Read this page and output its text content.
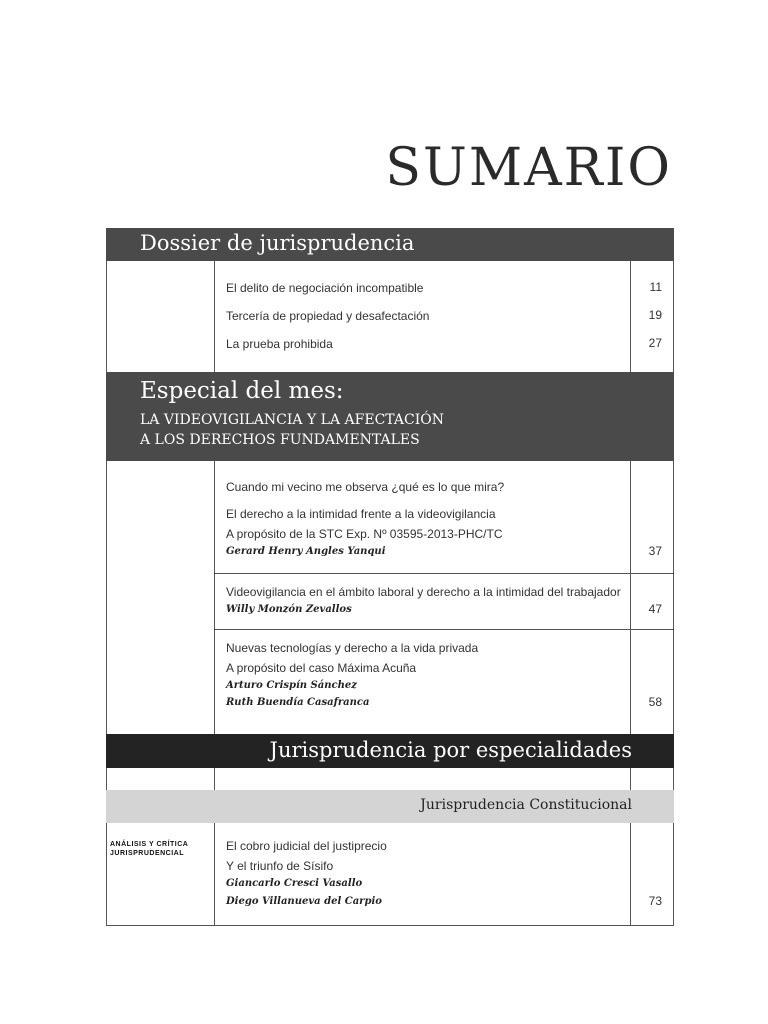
SUMARIO
Dossier de jurisprudencia
El delito de negociación incompatible	11
Tercería de propiedad y desafectación	19
La prueba prohibida	27
Especial del mes:
LA VIDEOVIGILANCIA Y LA AFECTACIÓN
A LOS DERECHOS FUNDAMENTALES
Cuando mi vecino me observa ¿qué es lo que mira?
El derecho a la intimidad frente a la videovigilancia
A propósito de la STC Exp. Nº 03595-2013-PHC/TC
Gerard Henry Angles Yanqui	37
Videovigilancia en el ámbito laboral y derecho a la intimidad del trabajador
Willy Monzón Zevallos	47
Nuevas tecnologías y derecho a la vida privada
A propósito del caso Máxima Acuña
Arturo Crispín Sánchez
Ruth Buendía Casafranca	58
Jurisprudencia por especialidades
Jurisprudencia Constitucional
ANÁLISIS Y CRÍTICA
JURISPRUDENCIAL
El cobro judicial del justiprecio
Y el triunfo de Sísifo
Giancarlo Cresci Vasallo
Diego Villanueva del Carpio	73
